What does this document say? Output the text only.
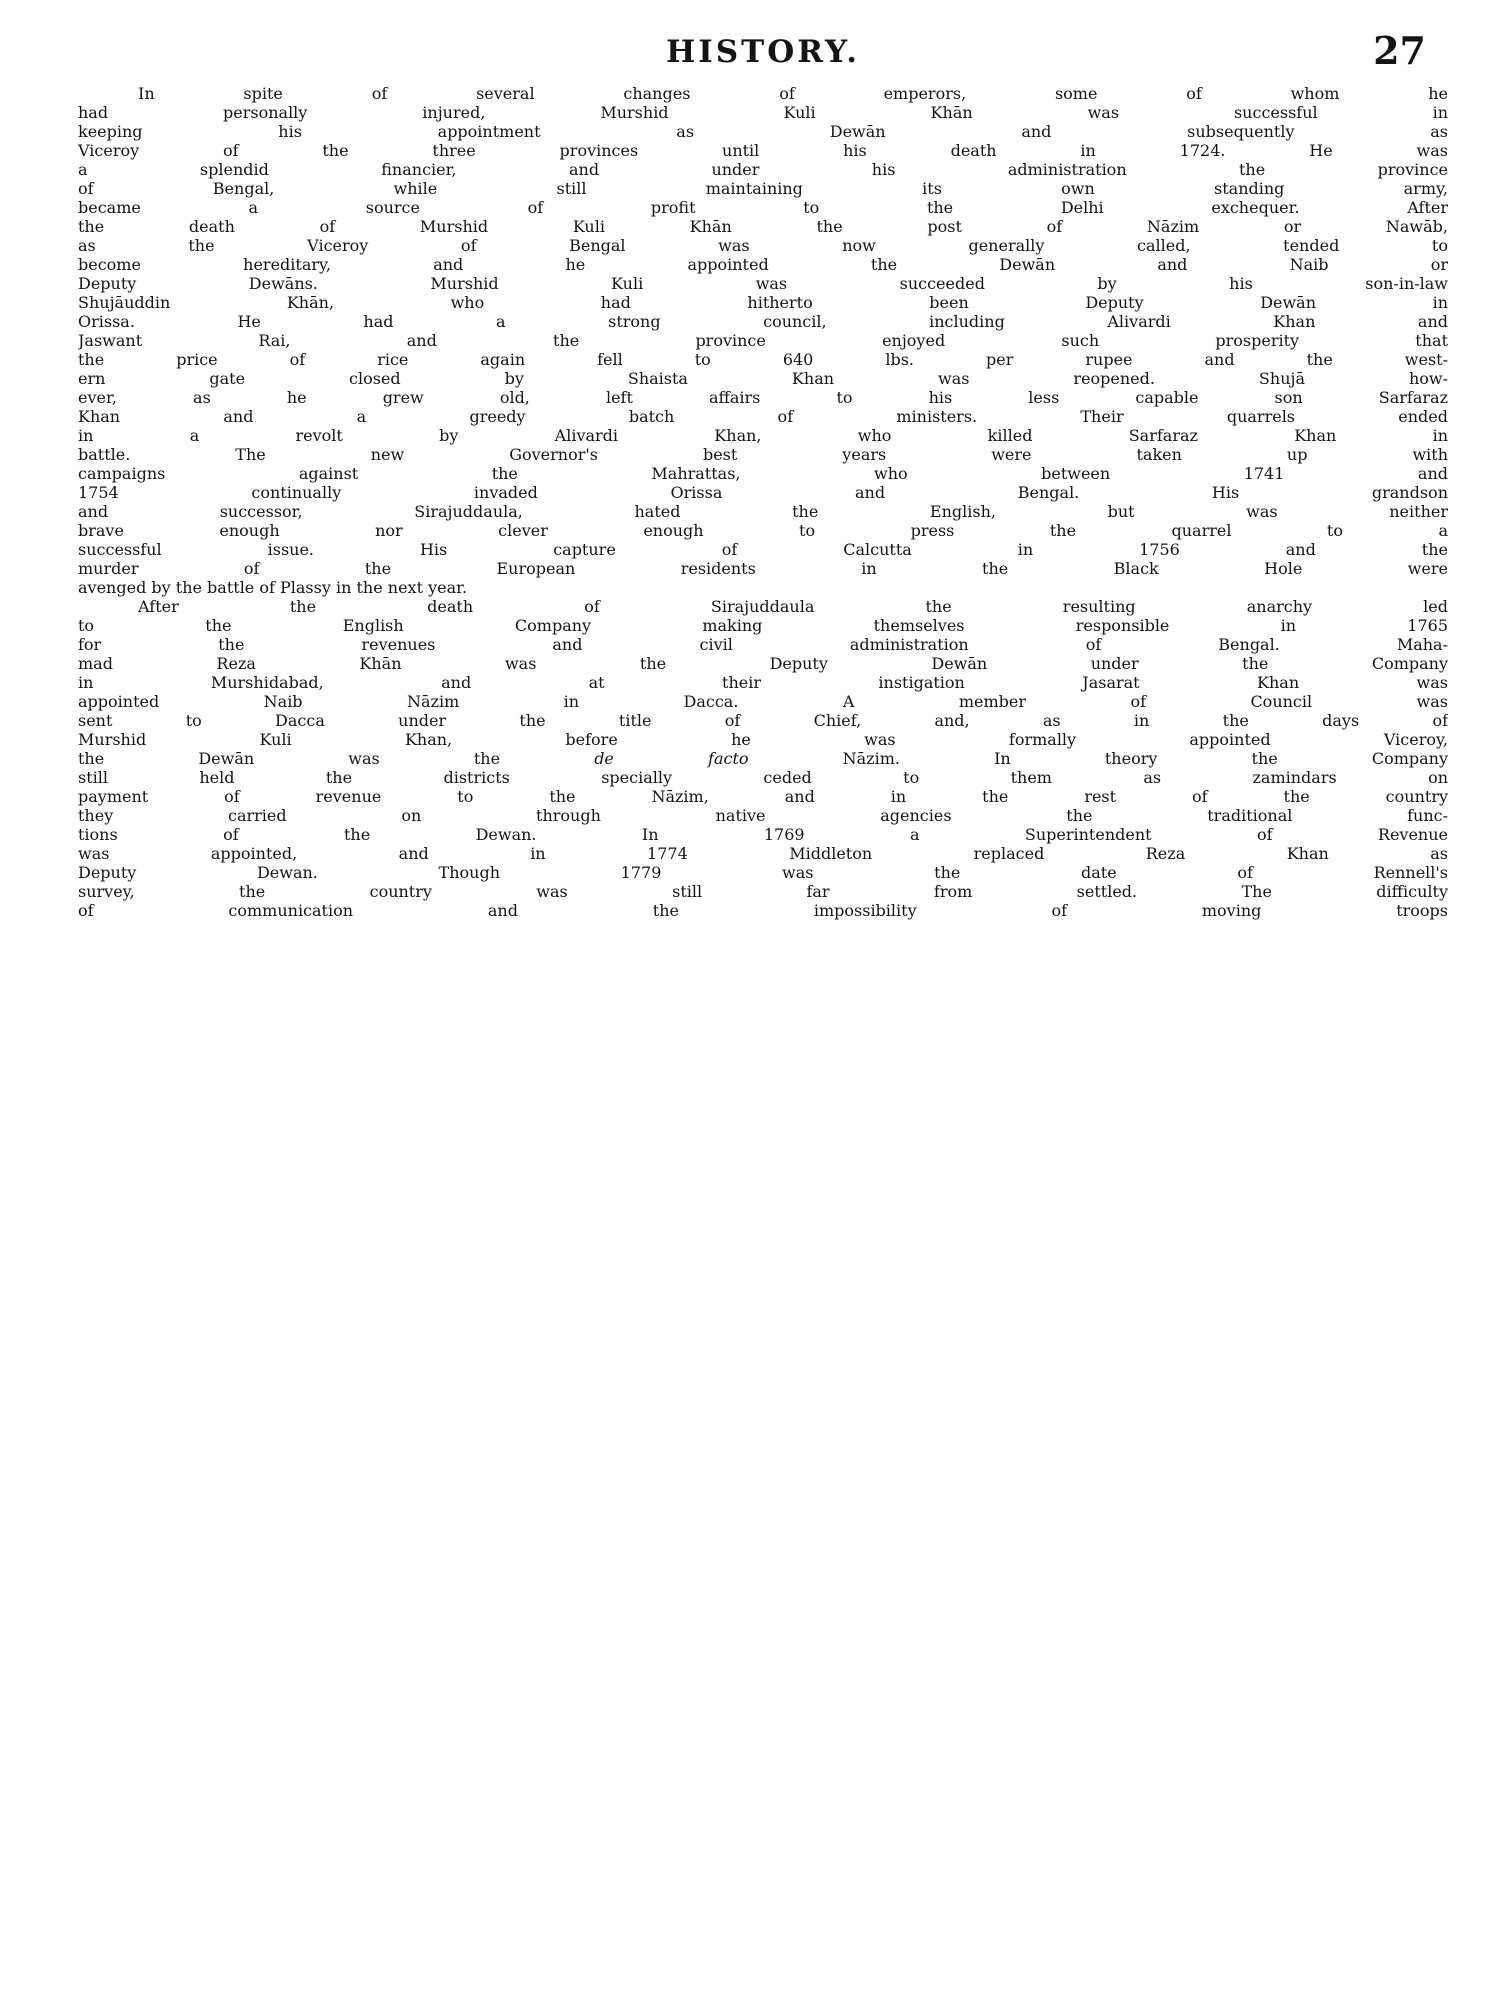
HISTORY.	27
In spite of several changes of emperors, some of whom he
had personally injured, Murshid Kuli Khān was successful in
keeping his appointment as Dewān and subsequently as
Viceroy of the three provinces until his death in 1724. He was
a splendid financier, and under his administration the province
of Bengal, while still maintaining its own standing army,
became a source of profit to the Delhi exchequer. After
the death of Murshid Kuli Khān the post of Nāzim or Nawāb,
as the Viceroy of Bengal was now generally called, tended to
become hereditary, and he appointed the Dewān and Naib or
Deputy Dewāns. Murshid Kuli was succeeded by his son-in-law
Shujāuddin Khān, who had hitherto been Deputy Dewān in
Orissa. He had a strong council, including Alivardi Khan and
Jaswant Rai, and the province enjoyed such prosperity that
the price of rice again fell to 640 lbs. per rupee and the west-
ern gate closed by Shaista Khan was reopened. Shujā how-
ever, as he grew old, left affairs to his less capable son Sarfaraz
Khan and a greedy batch of ministers. Their quarrels ended
in a revolt by Alivardi Khan, who killed Sarfaraz Khan in
battle. The new Governor's best years were taken up with
campaigns against the Mahrattas, who between 1741 and
1754 continually invaded Orissa and Bengal. His grandson
and successor, Sirajuddaula, hated the English, but was neither
brave enough nor clever enough to press the quarrel to a
successful issue. His capture of Calcutta in 1756 and the
murder of the European residents in the Black Hole were
avenged by the battle of Plassy in the next year.
After the death of Sirajuddaula the resulting anarchy led
to the English Company making themselves responsible in 1765
for the revenues and civil administration of Bengal. Maha-
mad Reza Khān was the Deputy Dewān under the Company
in Murshidabad, and at their instigation Jasarat Khan was
appointed Naib Nāzim in Dacca. A member of Council was
sent to Dacca under the title of Chief, and, as in the days of
Murshid Kuli Khan, before he was formally appointed Viceroy,
the Dewān was the de facto Nāzim. In theory the Company
still held the districts specially ceded to them as zamindars on
payment of revenue to the Nāzim, and in the rest of the country
they carried on through native agencies the traditional func-
tions of the Dewan. In 1769 a Superintendent of Revenue
was appointed, and in 1774 Middleton replaced Reza Khan as
Deputy Dewan. Though 1779 was the date of Rennell's
survey, the country was still far from settled. The difficulty
of communication and the impossibility of moving troops
